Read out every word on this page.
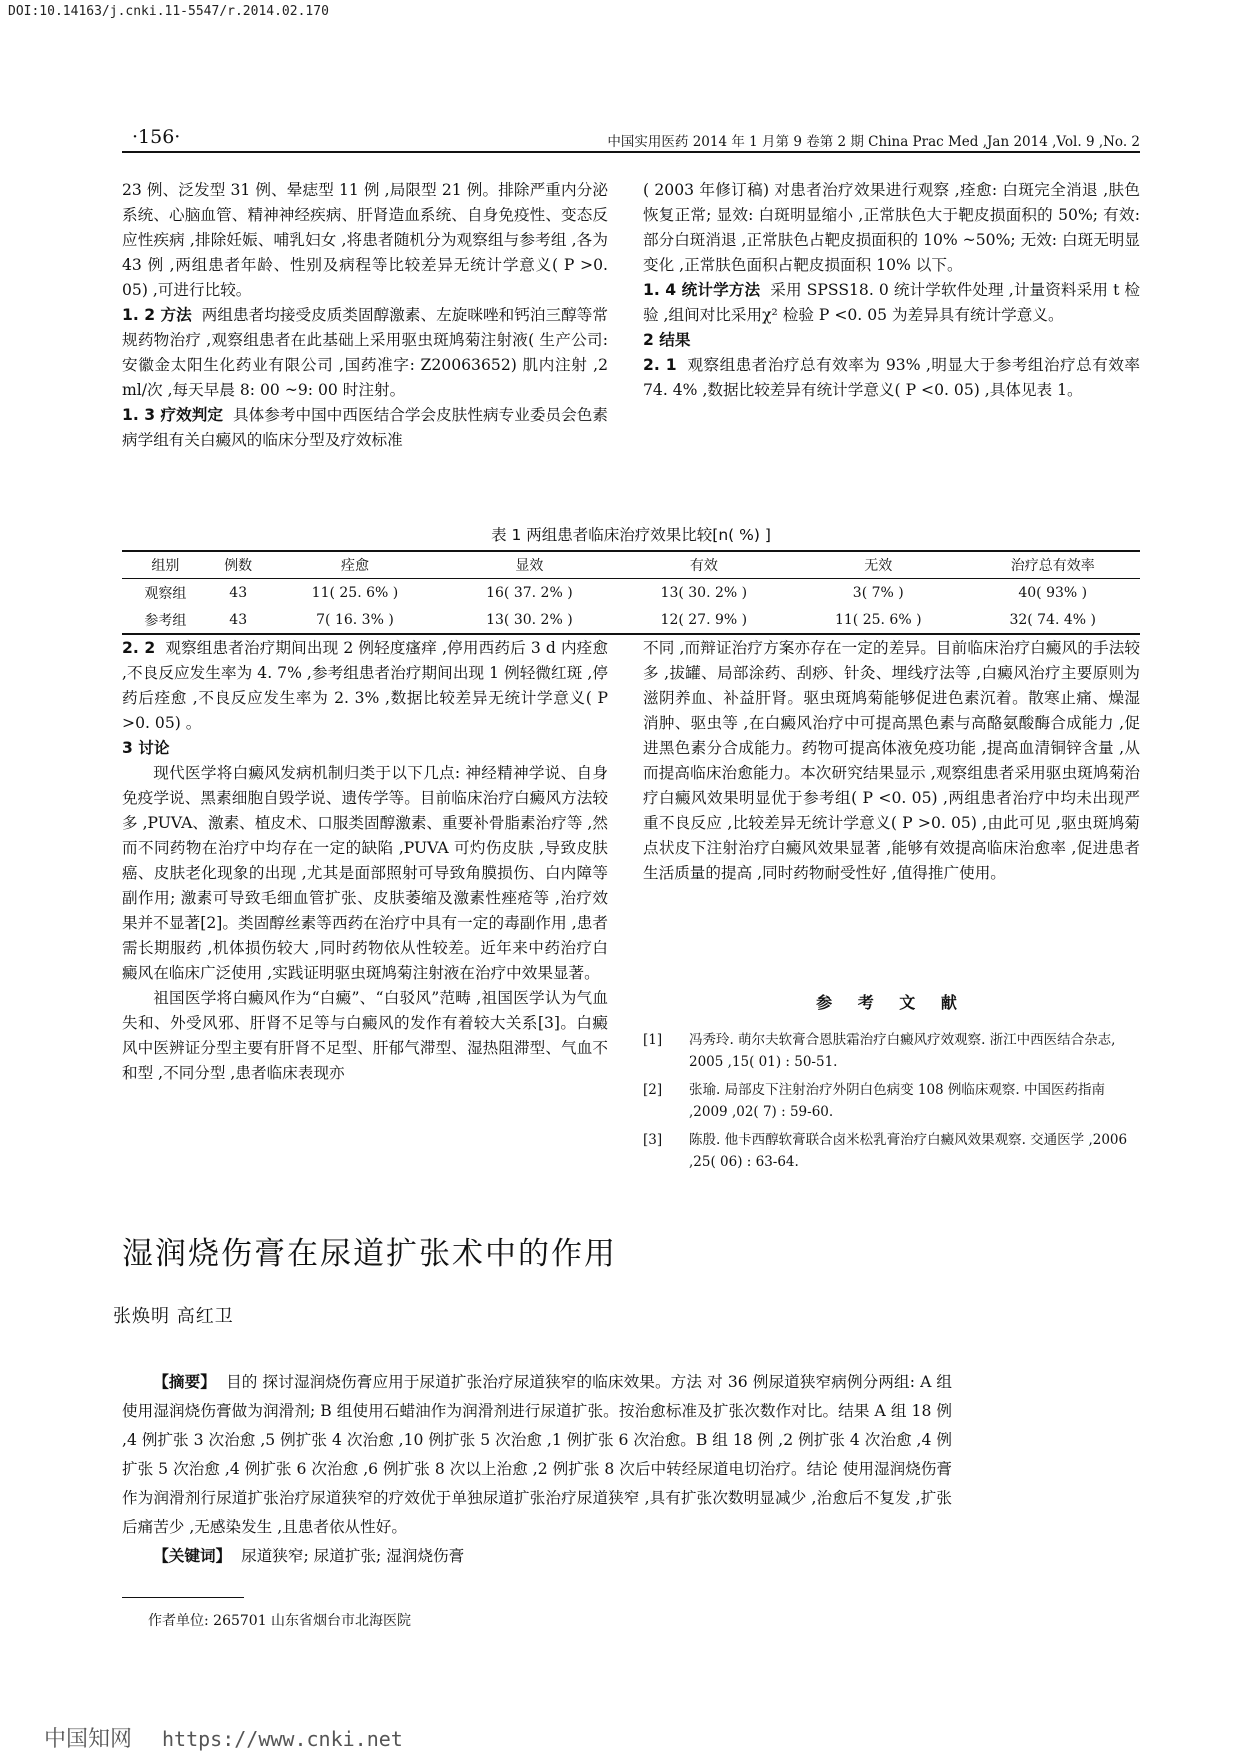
DOI:10.14163/j.cnki.11-5547/r.2014.02.170
·156·	中国实用医药 2014 年 1 月第 9 卷第 2 期 China Prac Med ,Jan 2014 ,Vol. 9 ,No. 2

23 例、泛发型 31 例、晕痣型 11 例 ,局限型 21 例。排除严重内分泌系统、心脑血管、精神神经疾病、肝肾造血系统、自身免疫性、变态反应性疾病 ,排除妊娠、哺乳妇女 ,将患者随机分为观察组与参考组 ,各为 43 例 ,两组患者年龄、性别及病程等比较差异无统计学意义( P >0. 05) ,可进行比较。

1. 2 方法 两组患者均接受皮质类固醇激素、左旋咪唑和钙泊三醇等常规药物治疗 ,观察组患者在此基础上采用驱虫斑鸠菊注射液( 生产公司: 安徽金太阳生化药业有限公司 ,国药准字: Z20063652) 肌内注射 ,2 ml/次 ,每天早晨 8: 00 ~9: 00 时注射。

1. 3 疗效判定 具体参考中国中西医结合学会皮肤性病专业委员会色素病学组有关白癜风的临床分型及疗效标准

( 2003 年修订稿) 对患者治疗效果进行观察 ,痊愈: 白斑完全消退 ,肤色恢复正常; 显效: 白斑明显缩小 ,正常肤色大于靶皮损面积的 50%; 有效: 部分白斑消退 ,正常肤色占靶皮损面积的 10% ~50%; 无效: 白斑无明显变化 ,正常肤色面积占靶皮损面积 10% 以下。

1. 4 统计学方法 采用 SPSS18. 0 统计学软件处理 ,计量资料采用 t 检验 ,组间对比采用χ² 检验 P <0. 05 为差异具有统计学意义。

2 结果

2. 1 观察组患者治疗总有效率为 93% ,明显大于参考组治疗总有效率 74. 4% ,数据比较差异有统计学意义( P <0. 05) ,具体见表 1。

表 1 两组患者临床治疗效果比较[n( %) ]
组别	例数	痊愈	显效	有效	无效	治疗总有效率
观察组	43	11( 25. 6% )	16( 37. 2% )	13( 30. 2% )	3( 7% )	40( 93% )
参考组	43	7( 16. 3% )	13( 30. 2% )	12( 27. 9% )	11( 25. 6% )	32( 74. 4% )

2. 2 观察组患者治疗期间出现 2 例轻度瘙痒 ,停用西药后 3 d 内痊愈 ,不良反应发生率为 4. 7% ,参考组患者治疗期间出现 1 例轻微红斑 ,停药后痊愈 ,不良反应发生率为 2. 3% ,数据比较差异无统计学意义( P >0. 05) 。

3 讨论

现代医学将白癜风发病机制归类于以下几点: 神经精神学说、自身免疫学说、黑素细胞自毁学说、遗传学等。目前临床治疗白癜风方法较多 ,PUVA、激素、植皮术、口服类固醇激素、重要补骨脂素治疗等 ,然而不同药物在治疗中均存在一定的缺陷 ,PUVA 可灼伤皮肤 ,导致皮肤癌、皮肤老化现象的出现 ,尤其是面部照射可导致角膜损伤、白内障等副作用; 激素可导致毛细血管扩张、皮肤萎缩及激素性痤疮等 ,治疗效果并不显著[2]。类固醇丝素等西药在治疗中具有一定的毒副作用 ,患者需长期服药 ,机体损伤较大 ,同时药物依从性较差。近年来中药治疗白癜风在临床广泛使用 ,实践证明驱虫斑鸠菊注射液在治疗中效果显著。

祖国医学将白癜风作为“白癜”、“白驳风”范畴 ,祖国医学认为气血失和、外受风邪、肝肾不足等与白癜风的发作有着较大关系[3]。白癜风中医辨证分型主要有肝肾不足型、肝郁气滞型、湿热阻滞型、气血不和型 ,不同分型 ,患者临床表现亦

不同 ,而辩证治疗方案亦存在一定的差异。目前临床治疗白癜风的手法较多 ,拔罐、局部涂药、刮痧、针灸、埋线疗法等 ,白癜风治疗主要原则为滋阴养血、补益肝肾。驱虫斑鸠菊能够促进色素沉着。散寒止痛、燥湿消肿、驱虫等 ,在白癜风治疗中可提高黑色素与高酪氨酸酶合成能力 ,促进黑色素分合成能力。药物可提高体液免疫功能 ,提高血清铜锌含量 ,从而提高临床治愈能力。本次研究结果显示 ,观察组患者采用驱虫斑鸠菊治疗白癜风效果明显优于参考组( P <0. 05) ,两组患者治疗中均未出现严重不良反应 ,比较差异无统计学意义( P >0. 05) ,由此可见 ,驱虫斑鸠菊点状皮下注射治疗白癜风效果显著 ,能够有效提高临床治愈率 ,促进患者生活质量的提高 ,同时药物耐受性好 ,值得推广使用。

参 考 文 献
[1] 冯秀玲. 萌尔夫软膏合恩肤霜治疗白癜风疗效观察. 浙江中西医结合杂志, 2005 ,15( 01) : 50-51.
[2] 张瑜. 局部皮下注射治疗外阴白色病变 108 例临床观察. 中国医药指南 ,2009 ,02( 7) : 59-60.
[3] 陈殷. 他卡西醇软膏联合卤米松乳膏治疗白癜风效果观察. 交通医学 ,2006 ,25( 06) : 63-64.
湿润烧伤膏在尿道扩张术中的作用
张焕明 高红卫

【摘要】 目的 探讨湿润烧伤膏应用于尿道扩张治疗尿道狭窄的临床效果。方法 对 36 例尿道狭窄病例分两组: A 组使用湿润烧伤膏做为润滑剂; B 组使用石蜡油作为润滑剂进行尿道扩张。按治愈标准及扩张次数作对比。结果 A 组 18 例 ,4 例扩张 3 次治愈 ,5 例扩张 4 次治愈 ,10 例扩张 5 次治愈 ,1 例扩张 6 次治愈。B 组 18 例 ,2 例扩张 4 次治愈 ,4 例扩张 5 次治愈 ,4 例扩张 6 次治愈 ,6 例扩张 8 次以上治愈 ,2 例扩张 8 次后中转经尿道电切治疗。结论 使用湿润烧伤膏作为润滑剂行尿道扩张治疗尿道狭窄的疗效优于单独尿道扩张治疗尿道狭窄 ,具有扩张次数明显减少 ,治愈后不复发 ,扩张后痛苦少 ,无感染发生 ,且患者依从性好。

【关键词】 尿道狭窄; 尿道扩张; 湿润烧伤膏

作者单位: 265701 山东省烟台市北海医院
中国知网 https://www.cnki.net
